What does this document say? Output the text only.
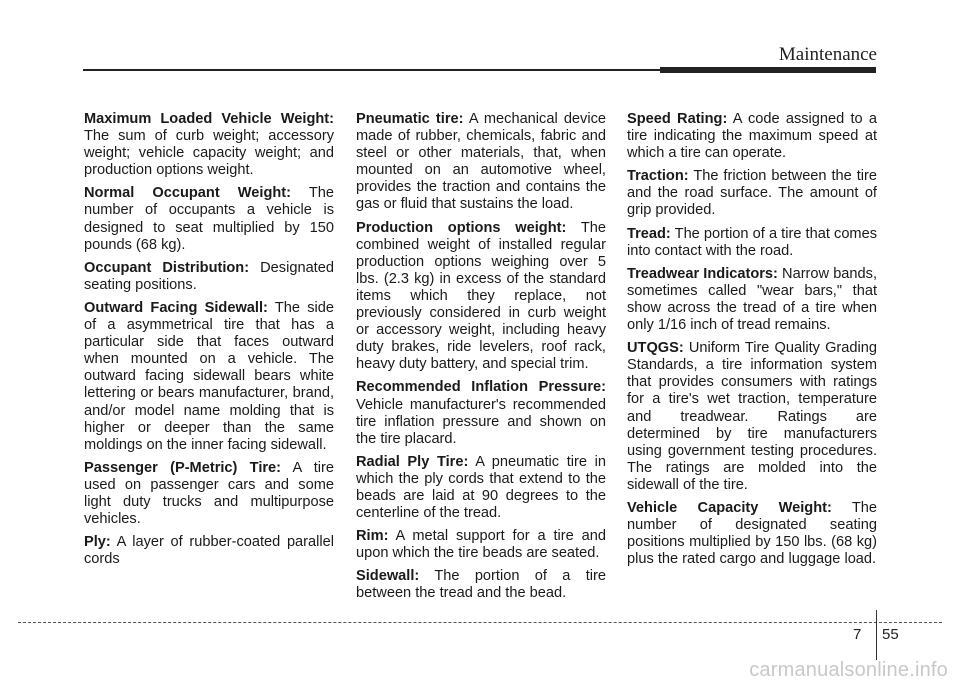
Maintenance

Maximum Loaded Vehicle Weight: The sum of curb weight; accessory weight; vehicle capacity weight; and production options weight.

Normal Occupant Weight: The number of occupants a vehicle is designed to seat multiplied by 150 pounds (68 kg).

Occupant Distribution: Designated seating positions.

Outward Facing Sidewall: The side of a asymmetrical tire that has a particular side that faces outward when mounted on a vehicle. The outward facing sidewall bears white lettering or bears manufacturer, brand, and/or model name molding that is higher or deeper than the same moldings on the inner facing sidewall.

Passenger (P-Metric) Tire: A tire used on passenger cars and some light duty trucks and multipurpose vehicles.

Ply: A layer of rubber-coated parallel cords

Pneumatic tire: A mechanical device made of rubber, chemicals, fabric and steel or other materials, that, when mounted on an automotive wheel, provides the traction and contains the gas or fluid that sustains the load.

Production options weight: The combined weight of installed regular production options weighing over 5 lbs. (2.3 kg) in excess of the standard items which they replace, not previously considered in curb weight or accessory weight, including heavy duty brakes, ride levelers, roof rack, heavy duty battery, and special trim.

Recommended Inflation Pressure: Vehicle manufacturer's recommended tire inflation pressure and shown on the tire placard.

Radial Ply Tire: A pneumatic tire in which the ply cords that extend to the beads are laid at 90 degrees to the centerline of the tread.

Rim: A metal support for a tire and upon which the tire beads are seated.

Sidewall: The portion of a tire between the tread and the bead.

Speed Rating: A code assigned to a tire indicating the maximum speed at which a tire can operate.

Traction: The friction between the tire and the road surface. The amount of grip provided.

Tread: The portion of a tire that comes into contact with the road.

Treadwear Indicators: Narrow bands, sometimes called "wear bars," that show across the tread of a tire when only 1/16 inch of tread remains.

UTQGS: Uniform Tire Quality Grading Standards, a tire information system that provides consumers with ratings for a tire's wet traction, temperature and treadwear. Ratings are determined by tire manufacturers using government testing procedures. The ratings are molded into the sidewall of the tire.

Vehicle Capacity Weight: The number of designated seating positions multiplied by 150 lbs. (68 kg) plus the rated cargo and luggage load.

7 55
carmanualsonline.info
